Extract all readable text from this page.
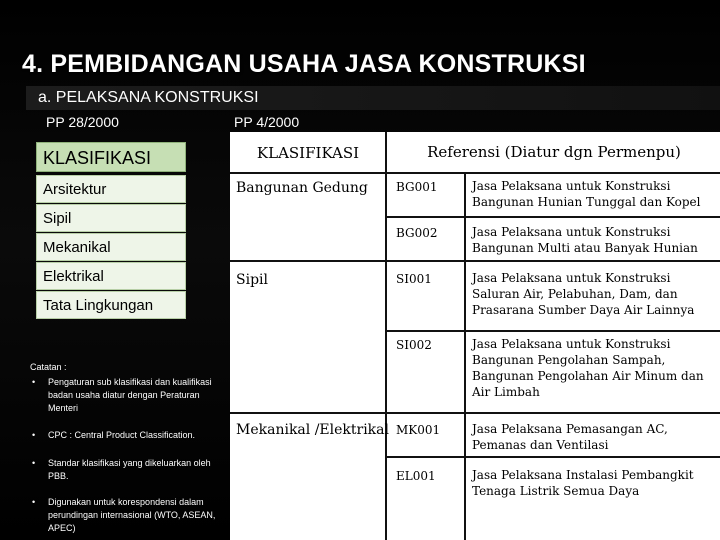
4. PEMBIDANGAN USAHA JASA KONSTRUKSI
a. PELAKSANA KONSTRUKSI
PP 28/2000	PP 4/2000
KLASIFIKASI
Arsitektur
Sipil
Mekanikal
Elektrikal
Tata Lingkungan
Catatan :
• Pengaturan sub klasifikasi dan kualifikasi badan usaha diatur dengan Peraturan Menteri
• CPC : Central Product Classification.
• Standar klasifikasi yang dikeluarkan oleh PBB.
• Digunakan untuk korespondensi dalam perundingan internasional (WTO, ASEAN, APEC)
KLASIFIKASI	Referensi (Diatur dgn Permenpu)
Bangunan Gedung BG001	Jasa Pelaksana untuk Konstruksi Bangunan Hunian Tunggal dan Kopel
BG002	Jasa Pelaksana untuk Konstruksi Bangunan Multi atau Banyak Hunian
Sipil	SI001	Jasa Pelaksana untuk Konstruksi Saluran Air, Pelabuhan, Dam, dan Prasarana Sumber Daya Air Lainnya
SI002	Jasa Pelaksana untuk Konstruksi Bangunan Pengolahan Sampah, Bangunan Pengolahan Air Minum dan Air Limbah
Mekanikal /Elektrikal MK001	Jasa Pelaksana Pemasangan AC, Pemanas dan Ventilasi
EL001	Jasa Pelaksana Instalasi Pembangkit Tenaga Listrik Semua Daya
